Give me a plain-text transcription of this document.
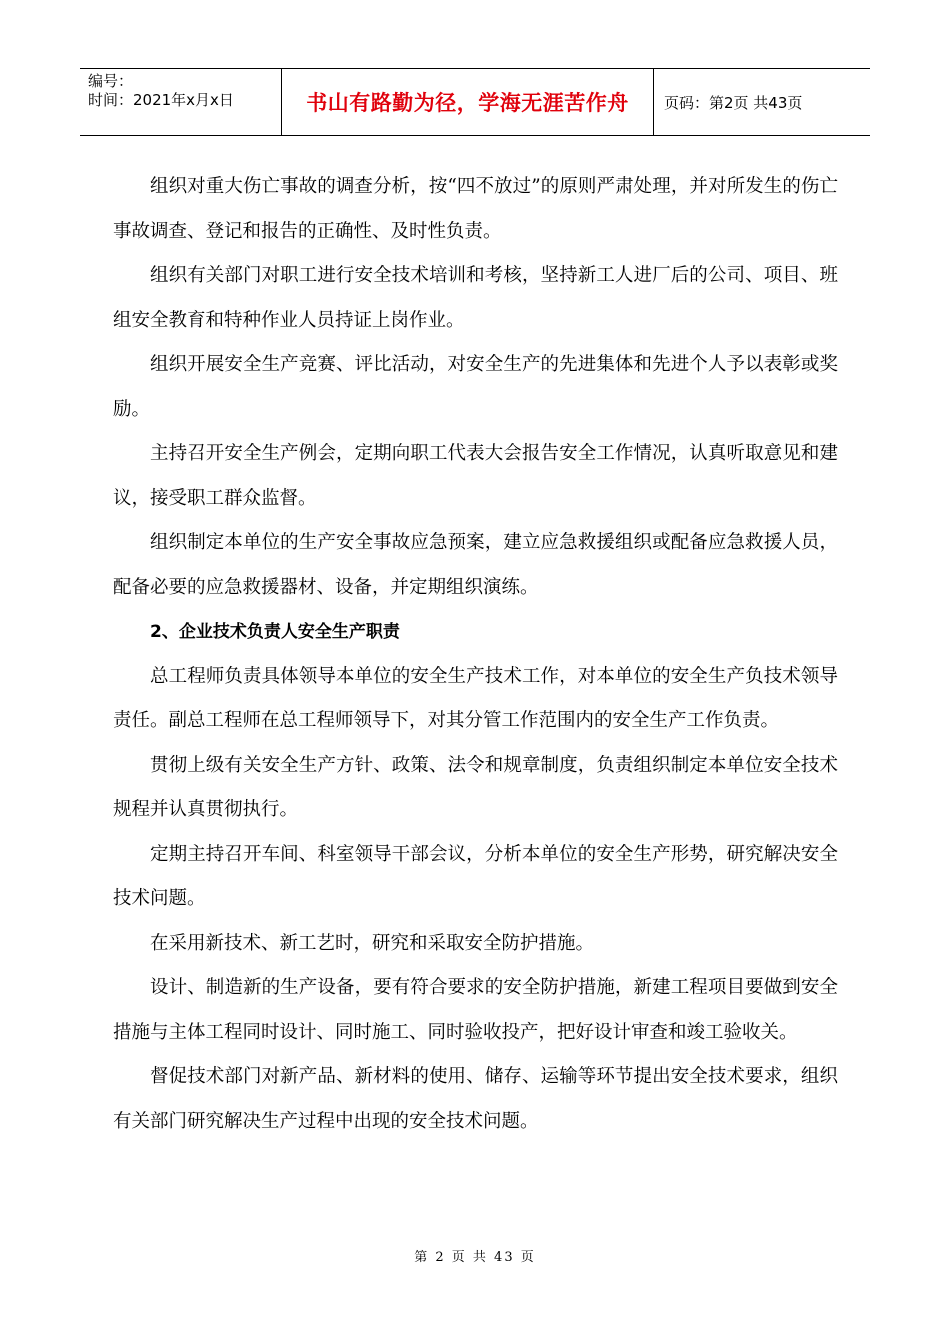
编号：
时间：2021年x月x日	书山有路勤为径，学海无涯苦作舟	页码：第2页 共43页

组织对重大伤亡事故的调查分析，按“四不放过”的原则严肃处理，并对所发生的伤亡事故调查、登记和报告的正确性、及时性负责。

组织有关部门对职工进行安全技术培训和考核，坚持新工人进厂后的公司、项目、班组安全教育和特种作业人员持证上岗作业。

组织开展安全生产竞赛、评比活动，对安全生产的先进集体和先进个人予以表彰或奖励。

主持召开安全生产例会，定期向职工代表大会报告安全工作情况，认真听取意见和建议，接受职工群众监督。

组织制定本单位的生产安全事故应急预案，建立应急救援组织或配备应急救援人员，配备必要的应急救援器材、设备，并定期组织演练。

2、企业技术负责人安全生产职责

总工程师负责具体领导本单位的安全生产技术工作，对本单位的安全生产负技术领导责任。副总工程师在总工程师领导下，对其分管工作范围内的安全生产工作负责。

贯彻上级有关安全生产方针、政策、法令和规章制度，负责组织制定本单位安全技术规程并认真贯彻执行。

定期主持召开车间、科室领导干部会议，分析本单位的安全生产形势，研究解决安全技术问题。

在采用新技术、新工艺时，研究和采取安全防护措施。

设计、制造新的生产设备，要有符合要求的安全防护措施，新建工程项目要做到安全措施与主体工程同时设计、同时施工、同时验收投产，把好设计审查和竣工验收关。

督促技术部门对新产品、新材料的使用、储存、运输等环节提出安全技术要求，组织有关部门研究解决生产过程中出现的安全技术问题。

第 2 页 共 43 页
